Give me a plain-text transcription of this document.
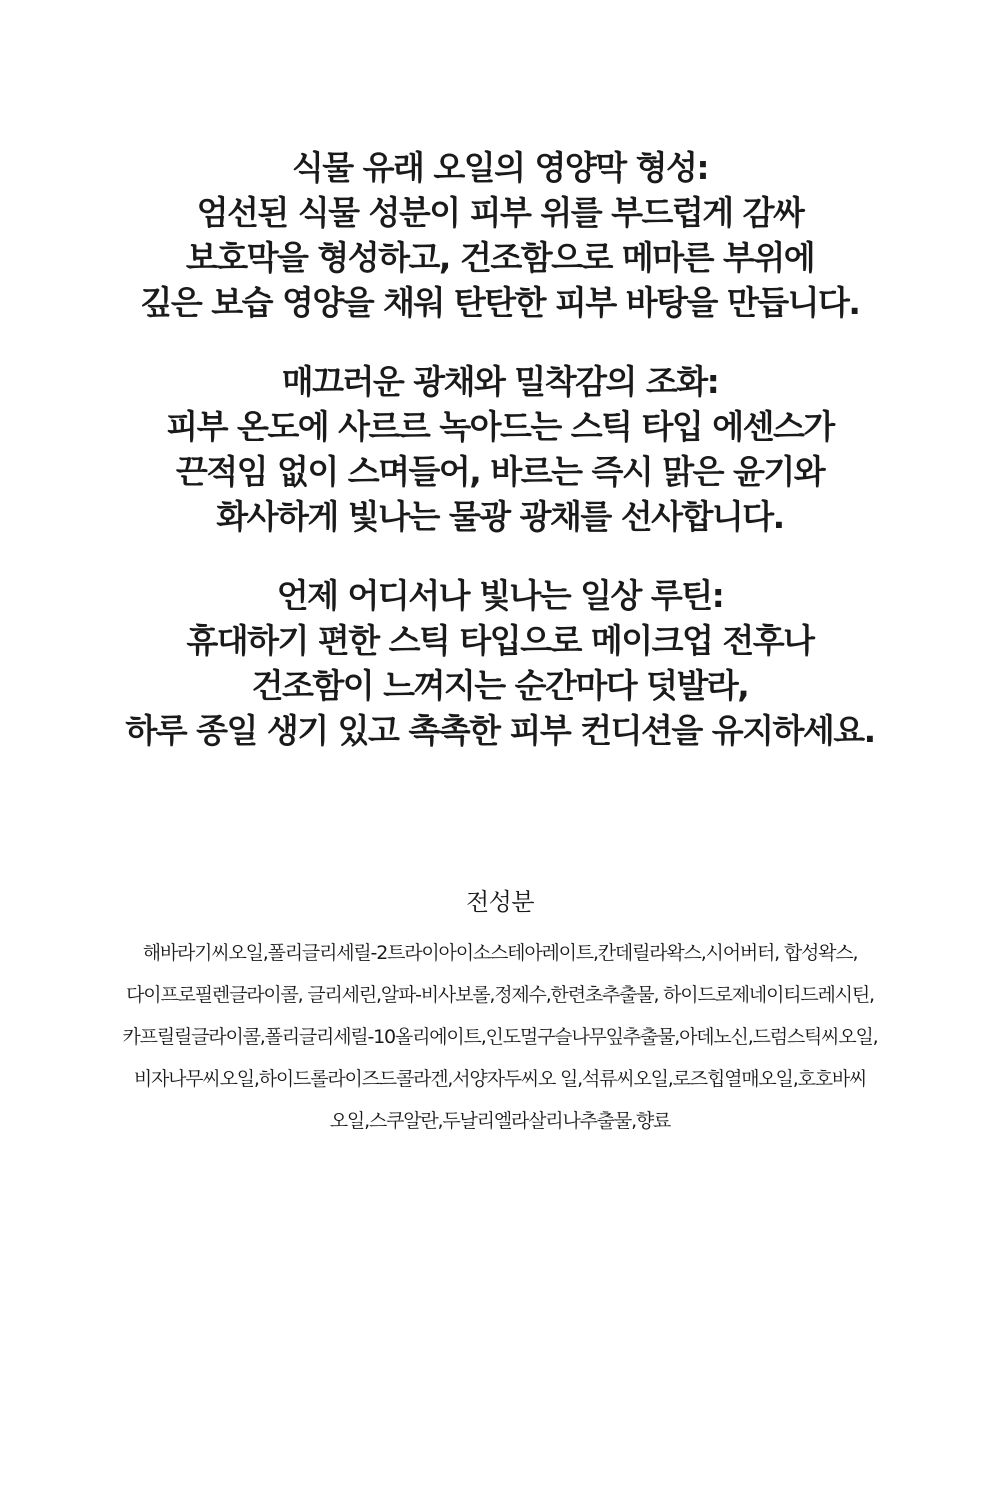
식물 유래 오일의 영양막 형성:
엄선된 식물 성분이 피부 위를 부드럽게 감싸
보호막을 형성하고, 건조함으로 메마른 부위에
깊은 보습 영양을 채워 탄탄한 피부 바탕을 만듭니다.
매끄러운 광채와 밀착감의 조화:
피부 온도에 사르르 녹아드는 스틱 타입 에센스가
끈적임 없이 스며들어, 바르는 즉시 맑은 윤기와
화사하게 빛나는 물광 광채를 선사합니다.
언제 어디서나 빛나는 일상 루틴:
휴대하기 편한 스틱 타입으로 메이크업 전후나
건조함이 느껴지는 순간마다 덧발라,
하루 종일 생기 있고 촉촉한 피부 컨디션을 유지하세요.
전성분
해바라기씨오일,폴리글리세릴-2트라이아이소스테아레이트,칸데릴라왁스,시어버터, 합성왁스,
다이프로필렌글라이콜, 글리세린,알파-비사보롤,정제수,한련초추출물, 하이드로제네이티드레시틴,
카프릴릴글라이콜,폴리글리세릴-10올리에이트,인도멀구슬나무잎추출물,아데노신,드럼스틱씨오일,
비자나무씨오일,하이드롤라이즈드콜라겐,서양자두씨오 일,석류씨오일,로즈힙열매오일,호호바씨
오일,스쿠알란,두날리엘라살리나추출물,향료
